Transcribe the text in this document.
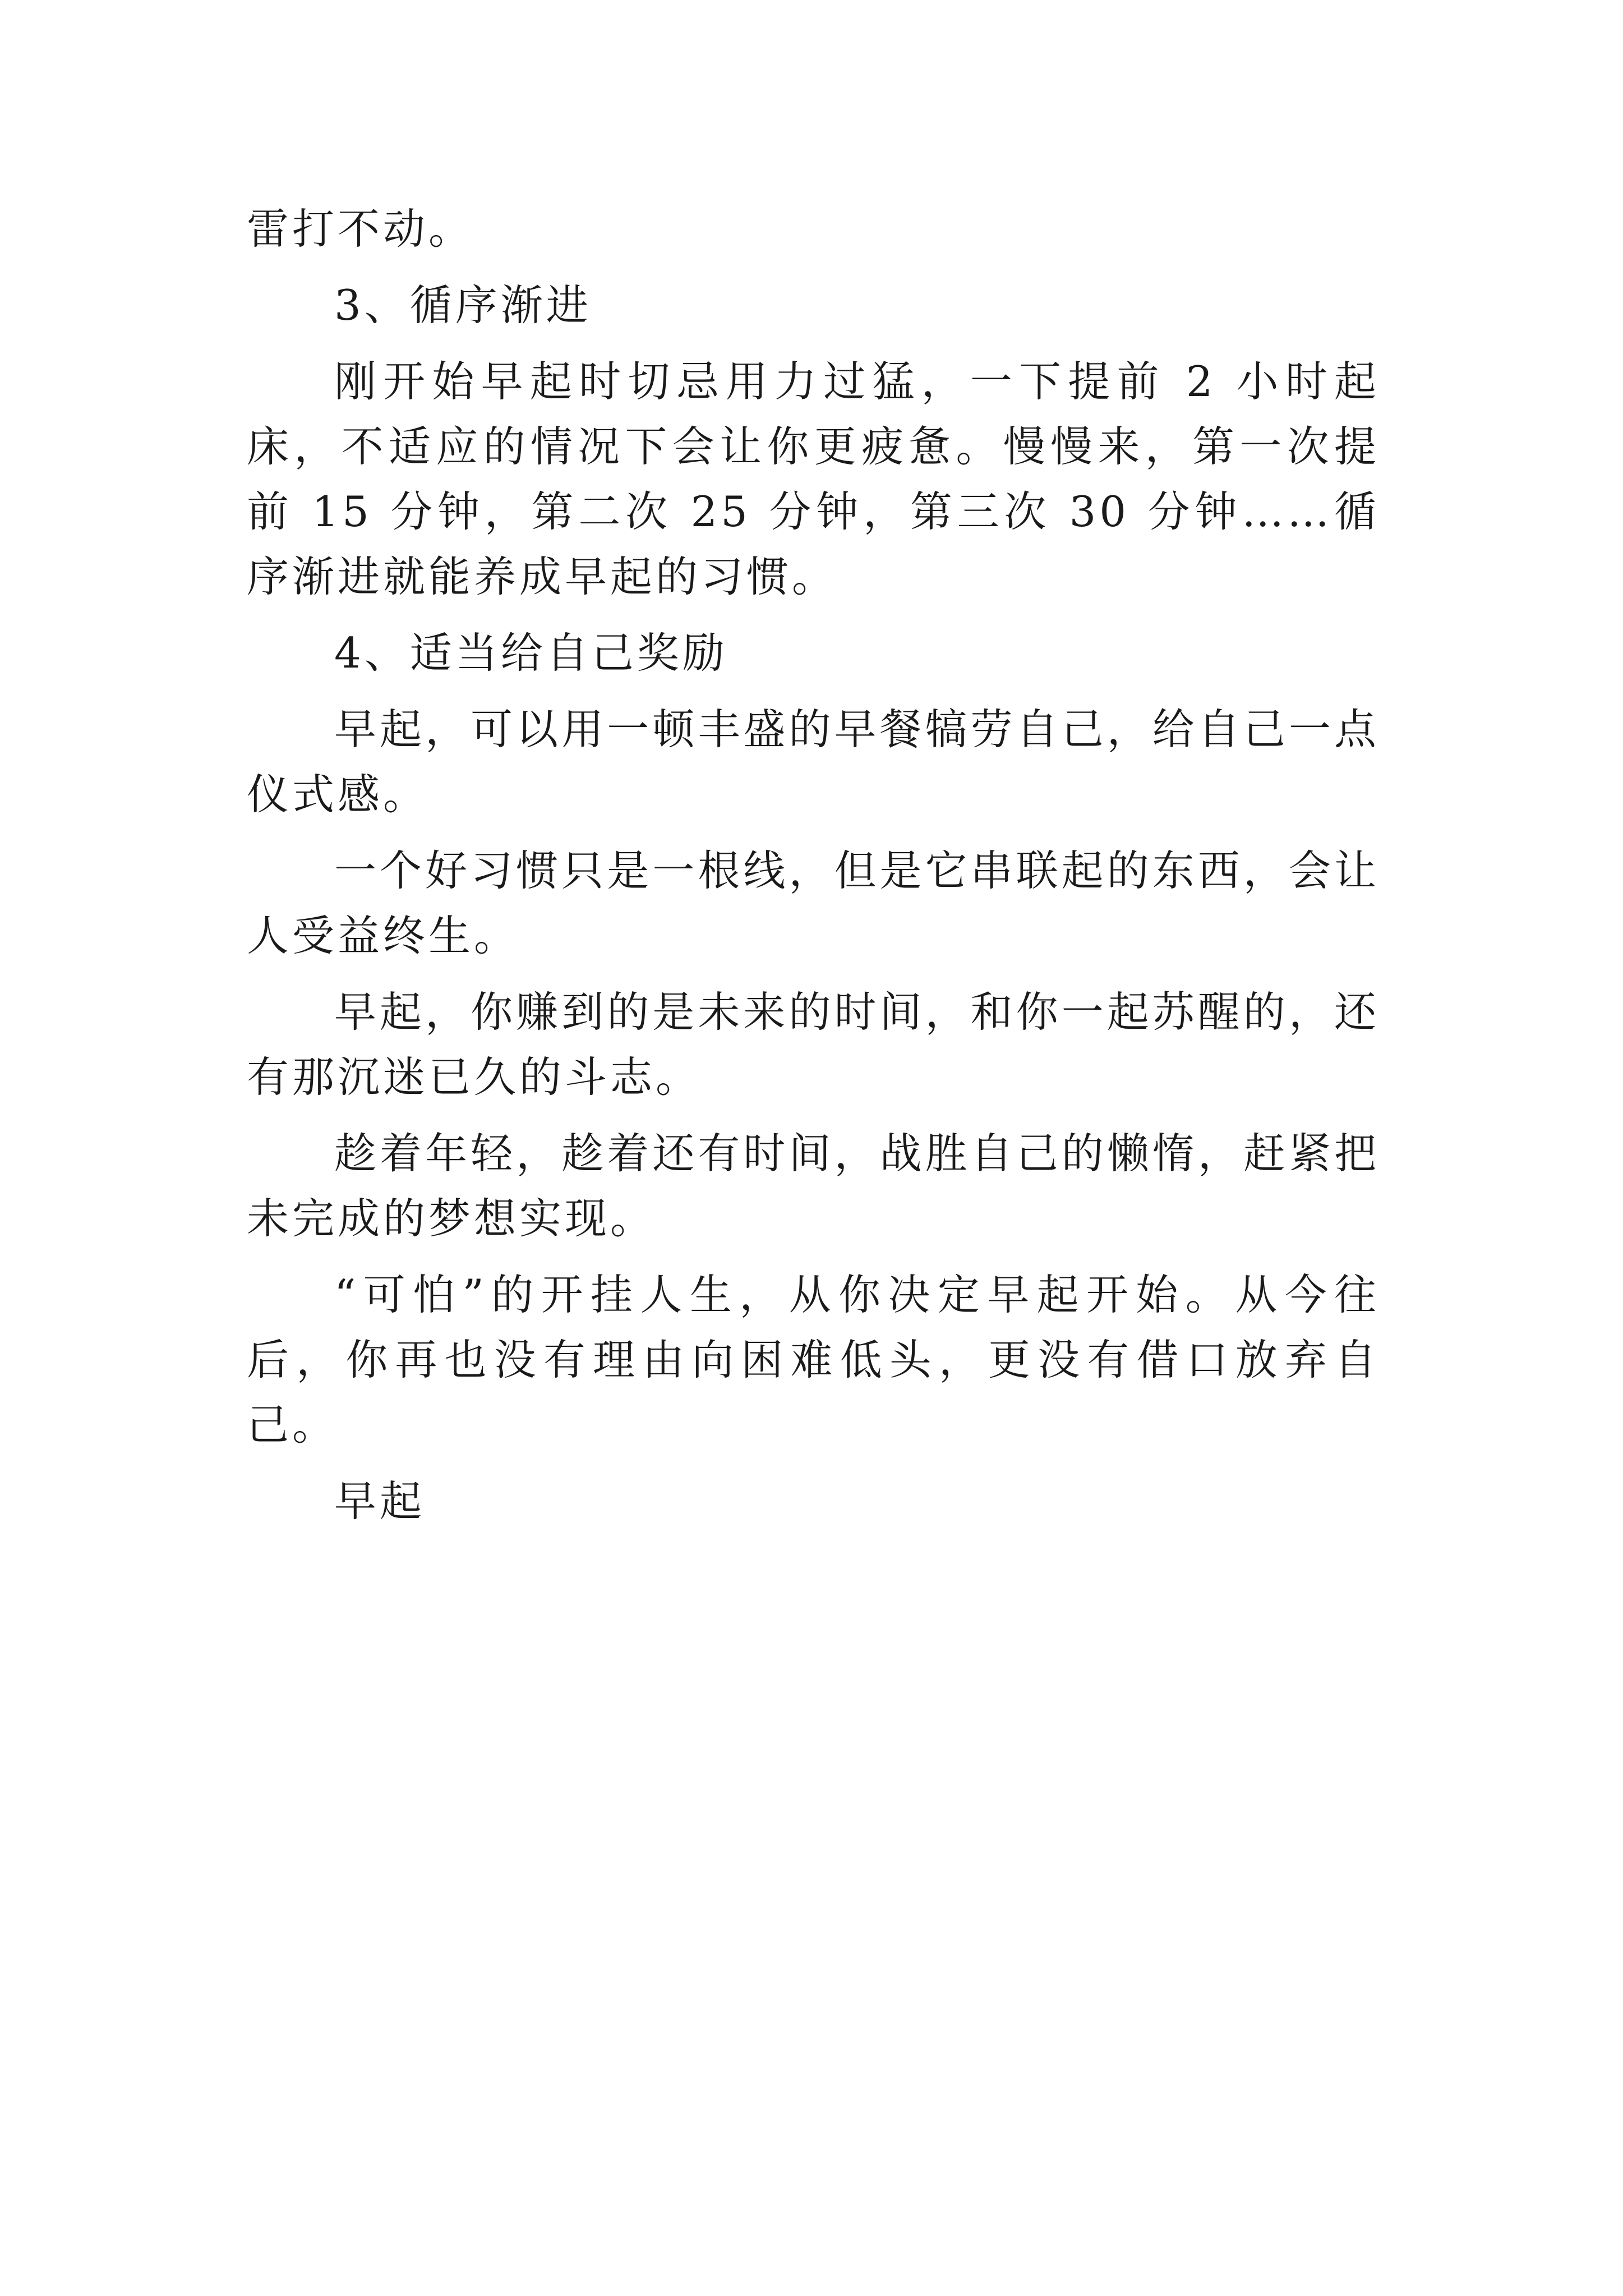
雷打不动。

3、循序渐进

刚开始早起时切忌用力过猛，一下提前 2 小时起床，不适应的情况下会让你更疲惫。慢慢来，第一次提前 15 分钟，第二次 25 分钟，第三次 30 分钟……循序渐进就能养成早起的习惯。

4、适当给自己奖励

早起，可以用一顿丰盛的早餐犒劳自己，给自己一点仪式感。

一个好习惯只是一根线，但是它串联起的东西，会让人受益终生。

早起，你赚到的是未来的时间，和你一起苏醒的，还有那沉迷已久的斗志。

趁着年轻，趁着还有时间，战胜自己的懒惰，赶紧把未完成的梦想实现。

“可怕”的开挂人生，从你决定早起开始。从今往后，你再也没有理由向困难低头，更没有借口放弃自己。

早起
